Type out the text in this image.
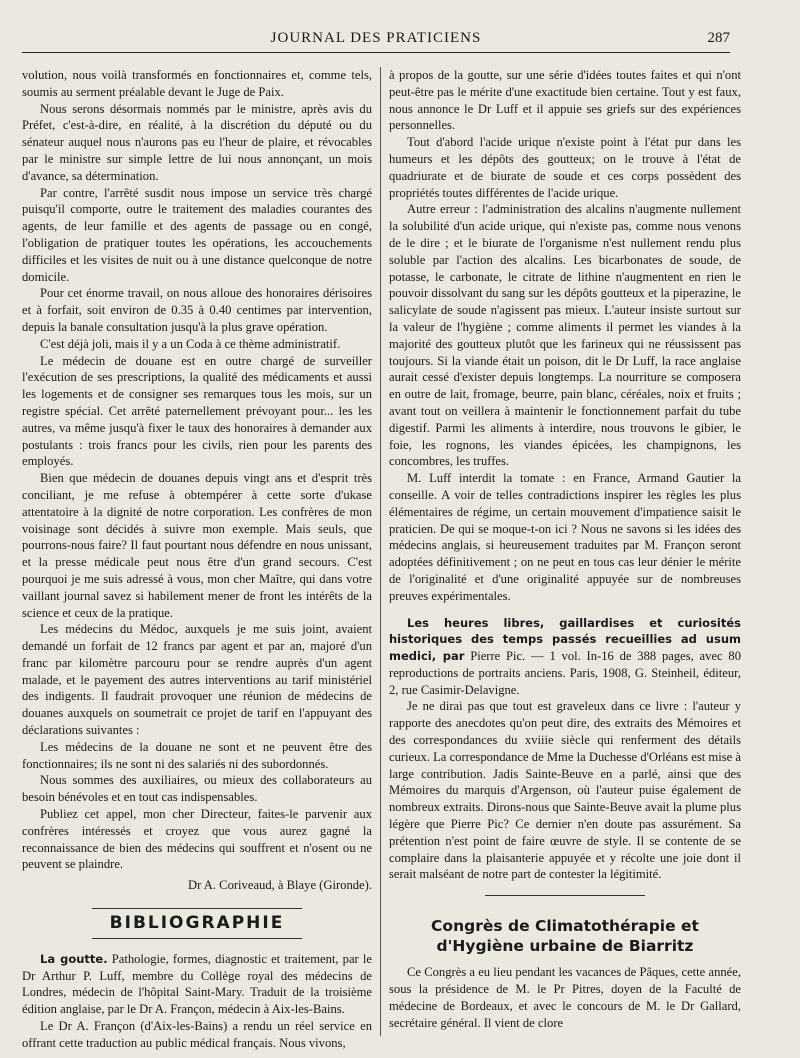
JOURNAL DES PRATICIENS	287

volution, nous voilà transformés en fonctionnaires et, comme tels, soumis au serment préalable devant le Juge de Paix.

Nous serons désormais nommés par le ministre, après avis du Préfet, c'est-à-dire, en réalité, à la discrétion du député ou du sénateur auquel nous n'aurons pas eu l'heur de plaire, et révocables par le ministre sur simple lettre de lui nous annonçant, un mois d'avance, sa détermination.

Par contre, l'arrêté susdit nous impose un service très chargé puisqu'il comporte, outre le traitement des maladies courantes des agents, de leur famille et des agents de passage ou en congé, l'obligation de pratiquer toutes les opérations, les accouchements difficiles et les visites de nuit ou à une distance quelconque de notre domicile.

Pour cet énorme travail, on nous alloue des honoraires dérisoires et à forfait, soit environ de 0.35 à 0.40 centimes par intervention, depuis la banale consultation jusqu'à la plus grave opération.

C'est déjà joli, mais il y a un Coda à ce thème administratif.

Le médecin de douane est en outre chargé de surveiller l'exécution de ses prescriptions, la qualité des médicaments et aussi les logements et de consigner ses remarques tous les mois, sur un registre spécial. Cet arrêté paternellement prévoyant pour... les les autres, va même jusqu'à fixer le taux des honoraires à demander aux postulants : trois francs pour les civils, rien pour les parents des employés.

Bien que médecin de douanes depuis vingt ans et d'esprit très conciliant, je me refuse à obtempérer à cette sorte d'ukase attentatoire à la dignité de notre corporation. Les confrères de mon voisinage sont décidés à suivre mon exemple. Mais seuls, que pourrons-nous faire? Il faut pourtant nous défendre en nous unissant, et la presse médicale peut nous être d'un grand secours. C'est pourquoi je me suis adressé à vous, mon cher Maître, qui dans votre vaillant journal savez si habilement mener de front les intérêts de la science et ceux de la pratique.

Les médecins du Médoc, auxquels je me suis joint, avaient demandé un forfait de 12 francs par agent et par an, majoré d'un franc par kilomètre parcouru pour se rendre auprès d'un agent malade, et le payement des autres interventions au tarif ministériel des indigents. Il faudrait provoquer une réunion de médecins de douanes auxquels on soumetrait ce projet de tarif en l'appuyant des déclarations suivantes :

Les médecins de la douane ne sont et ne peuvent être des fonctionnaires; ils ne sont ni des salariés ni des subordonnés.

Nous sommes des auxiliaires, ou mieux des collaborateurs au besoin bénévoles et en tout cas indispensables.

Publiez cet appel, mon cher Directeur, faites-le parvenir aux confrères intéressés et croyez que vous aurez gagné la reconnaissance de bien des médecins qui souffrent et n'osent ou ne peuvent se plaindre.

Dr A. Coriveaud, à Blaye (Gironde).
BIBLIOGRAPHIE

La goutte. Pathologie, formes, diagnostic et traitement, par le Dr Arthur P. Luff, membre du Collège royal des médecins de Londres, médecin de l'hôpital Saint-Mary. Traduit de la troisième édition anglaise, par le Dr A. Françon, médecin à Aix-les-Bains.

Le Dr A. Françon (d'Aix-les-Bains) a rendu un réel service en offrant cette traduction au public médical français. Nous vivons,

à propos de la goutte, sur une série d'idées toutes faites et qui n'ont peut-être pas le mérite d'une exactitude bien certaine. Tout y est faux, nous annonce le Dr Luff et il appuie ses griefs sur des expériences personnelles.

Tout d'abord l'acide urique n'existe point à l'état pur dans les humeurs et les dépôts des goutteux; on le trouve à l'état de quadriurate et de biurate de soude et ces corps possèdent des propriétés toutes différentes de l'acide urique.

Autre erreur : l'administration des alcalins n'augmente nullement la solubilité d'un acide urique, qui n'existe pas, comme nous venons de le dire ; et le biurate de l'organisme n'est nullement rendu plus soluble par l'action des alcalins. Les bicarbonates de soude, de potasse, le carbonate, le citrate de lithine n'augmentent en rien le pouvoir dissolvant du sang sur les dépôts goutteux et la piperazine, le salicylate de soude n'agissent pas mieux. L'auteur insiste surtout sur la valeur de l'hygiène ; comme aliments il permet les viandes à la majorité des goutteux plutôt que les farineux qui ne réussissent pas toujours. Si la viande était un poison, dit le Dr Luff, la race anglaise aurait cessé d'exister depuis longtemps. La nourriture se composera en outre de lait, fromage, beurre, pain blanc, céréales, noix et fruits ; avant tout on veillera à maintenir le fonctionnement parfait du tube digestif. Parmi les aliments à interdire, nous trouvons le gibier, le foie, les rognons, les viandes épicées, les champignons, les concombres, les truffes.

M. Luff interdit la tomate : en France, Armand Gautier la conseille. A voir de telles contradictions inspirer les règles les plus élémentaires de régime, un certain mouvement d'impatience saisit le praticien. De qui se moque-t-on ici ? Nous ne savons si les idées des médecins anglais, si heureusement traduites par M. Françon seront adoptées définitivement ; on ne peut en tous cas leur dénier le mérite de l'originalité et d'une originalité appuyée sur de nombreuses preuves expérimentales.

Les heures libres, gaillardises et curiosités historiques des temps passés recueillies ad usum medici, par Pierre Pic. — 1 vol. In-16 de 388 pages, avec 80 reproductions de portraits anciens. Paris, 1908, G. Steinheil, éditeur, 2, rue Casimir-Delavigne.

Je ne dirai pas que tout est graveleux dans ce livre : l'auteur y rapporte des anecdotes qu'on peut dire, des extraits des Mémoires et des correspondances du xviiie siècle qui renferment des détails curieux. La correspondance de Mme la Duchesse d'Orléans est mise à large contribution. Jadis Sainte-Beuve en a parlé, ainsi que des Mémoires du marquis d'Argenson, où l'auteur puise également de nombreux extraits. Dirons-nous que Sainte-Beuve avait la plume plus légère que Pierre Pic? Ce dernier n'en doute pas assurément. Sa prétention n'est point de faire œuvre de style. Il se contente de se complaire dans la plaisanterie appuyée et y récolte une joie dont il serait malséant de notre part de contester la légitimité.

Congrès de Climatothérapie et d'Hygiène urbaine de Biarritz

Ce Congrès a eu lieu pendant les vacances de Pâques, cette année, sous la présidence de M. le Pr Pitres, doyen de la Faculté de médecine de Bordeaux, et avec le concours de M. le Dr Gallard, secrétaire général. Il vient de clore
